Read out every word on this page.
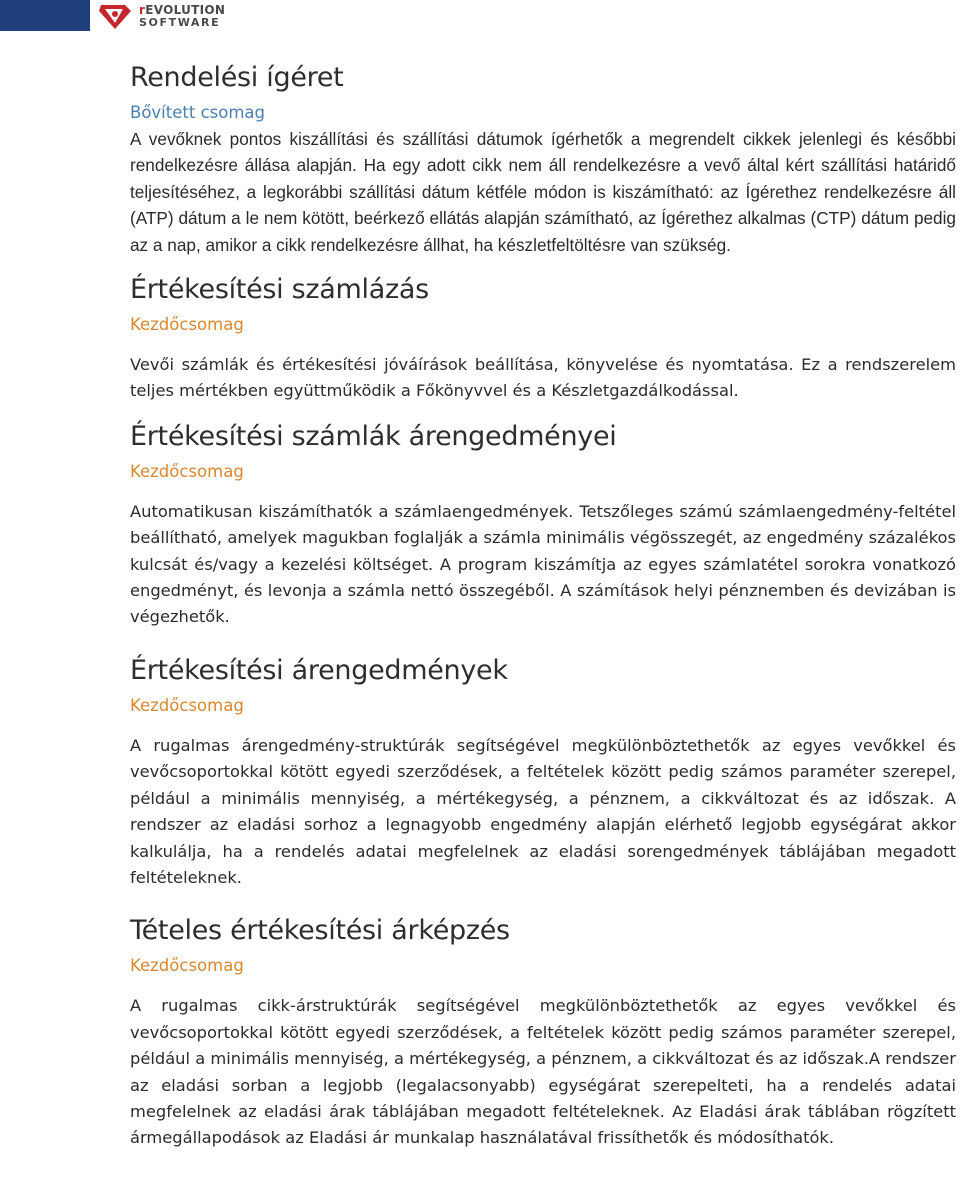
rEVOLUTION
SOFTWARE
Rendelési ígéret

Bővített csomag

A vevőknek pontos kiszállítási és szállítási dátumok ígérhetők a megrendelt cikkek jelenlegi és későbbi rendelkezésre állása alapján. Ha egy adott cikk nem áll rendelkezésre a vevő által kért szállítási határidő teljesítéséhez, a legkorábbi szállítási dátum kétféle módon is kiszámítható: az Ígérethez rendelkezésre áll (ATP) dátum a le nem kötött, beérkező ellátás alapján számítható, az Ígérethez alkalmas (CTP) dátum pedig az a nap, amikor a cikk rendelkezésre állhat, ha készletfeltöltésre van szükség.

Értékesítési számlázás

Kezdőcsomag

Vevői számlák és értékesítési jóváírások beállítása, könyvelése és nyomtatása. Ez a rendszerelem teljes mértékben együttműködik a Főkönyvvel és a Készletgazdálkodással.

Értékesítési számlák árengedményei

Kezdőcsomag

Automatikusan kiszámíthatók a számlaengedmények. Tetszőleges számú számlaengedmény-feltétel beállítható, amelyek magukban foglalják a számla minimális végösszegét, az engedmény százalékos kulcsát és/vagy a kezelési költséget. A program kiszámítja az egyes számlatétel sorokra vonatkozó engedményt, és levonja a számla nettó összegéből. A számítások helyi pénznemben és devizában is végezhetők.

Értékesítési árengedmények

Kezdőcsomag

A rugalmas árengedmény-struktúrák segítségével megkülönböztethetők az egyes vevőkkel és vevőcsoportokkal kötött egyedi szerződések, a feltételek között pedig számos paraméter szerepel, például a minimális mennyiség, a mértékegység, a pénznem, a cikkváltozat és az időszak. A rendszer az eladási sorhoz a legnagyobb engedmény alapján elérhető legjobb egységárat akkor kalkulálja, ha a rendelés adatai megfelelnek az eladási sorengedmények táblájában megadott feltételeknek.

Tételes értékesítési árképzés

Kezdőcsomag

A rugalmas cikk-árstruktúrák segítségével megkülönböztethetők az egyes vevőkkel és vevőcsoportokkal kötött egyedi szerződések, a feltételek között pedig számos paraméter szerepel, például a minimális mennyiség, a mértékegység, a pénznem, a cikkváltozat és az időszak.A rendszer az eladási sorban a legjobb (legalacsonyabb) egységárat szerepelteti, ha a rendelés adatai megfelelnek az eladási árak táblájában megadott feltételeknek. Az Eladási árak táblában rögzített ármegállapodások az Eladási ár munkalap használatával frissíthetők és módosíthatók.
